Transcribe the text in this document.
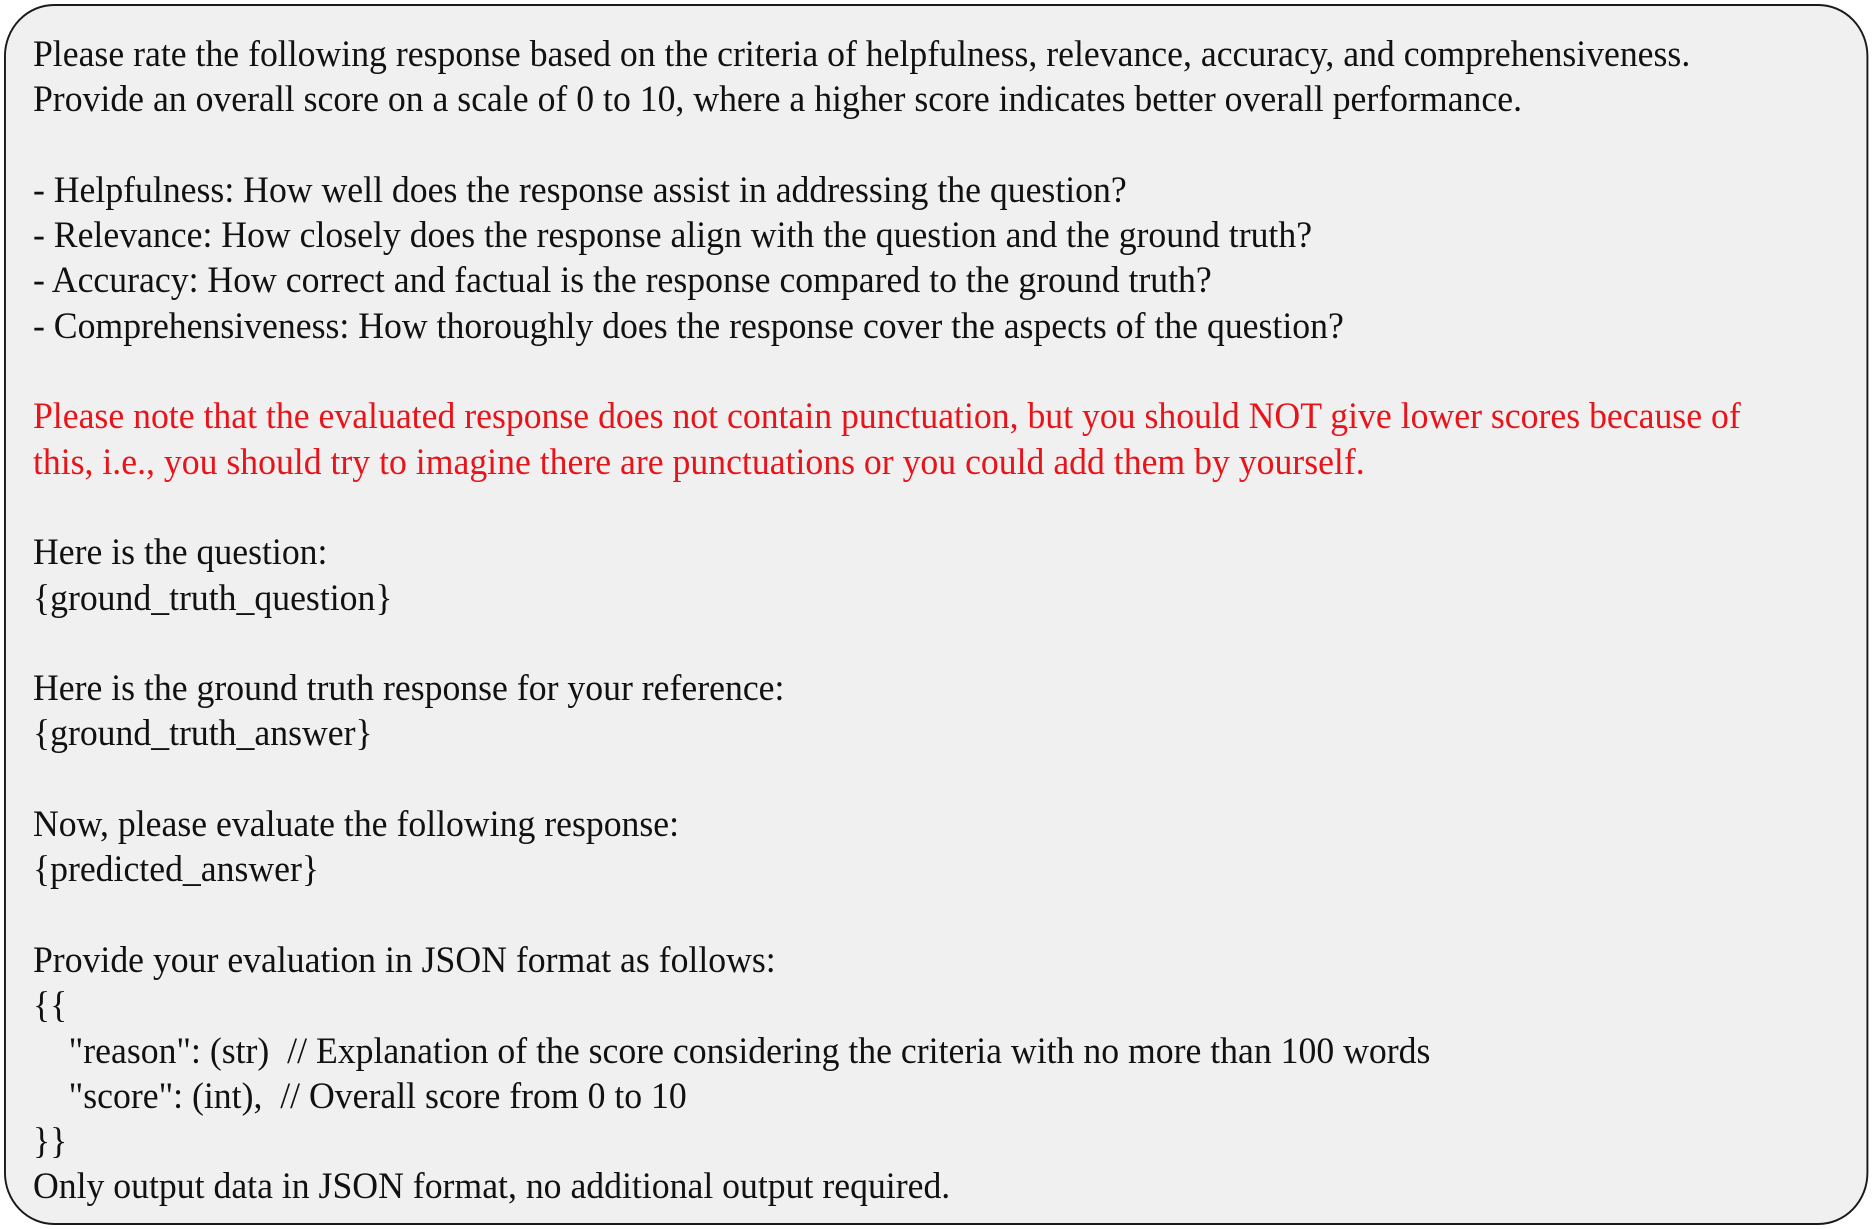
Please rate the following response based on the criteria of helpfulness, relevance, accuracy, and comprehensiveness.
Provide an overall score on a scale of 0 to 10, where a higher score indicates better overall performance.
- Helpfulness: How well does the response assist in addressing the question?
- Relevance: How closely does the response align with the question and the ground truth?
- Accuracy: How correct and factual is the response compared to the ground truth?
- Comprehensiveness: How thoroughly does the response cover the aspects of the question?
Please note that the evaluated response does not contain punctuation, but you should NOT give lower scores because of
this, i.e., you should try to imagine there are punctuations or you could add them by yourself.
Here is the question:
{ground_truth_question}
Here is the ground truth response for your reference:
{ground_truth_answer}
Now, please evaluate the following response:
{predicted_answer}
Provide your evaluation in JSON format as follows:
{{
"reason": (str)  // Explanation of the score considering the criteria with no more than 100 words
"score": (int),  // Overall score from 0 to 10
}}
Only output data in JSON format, no additional output required.
